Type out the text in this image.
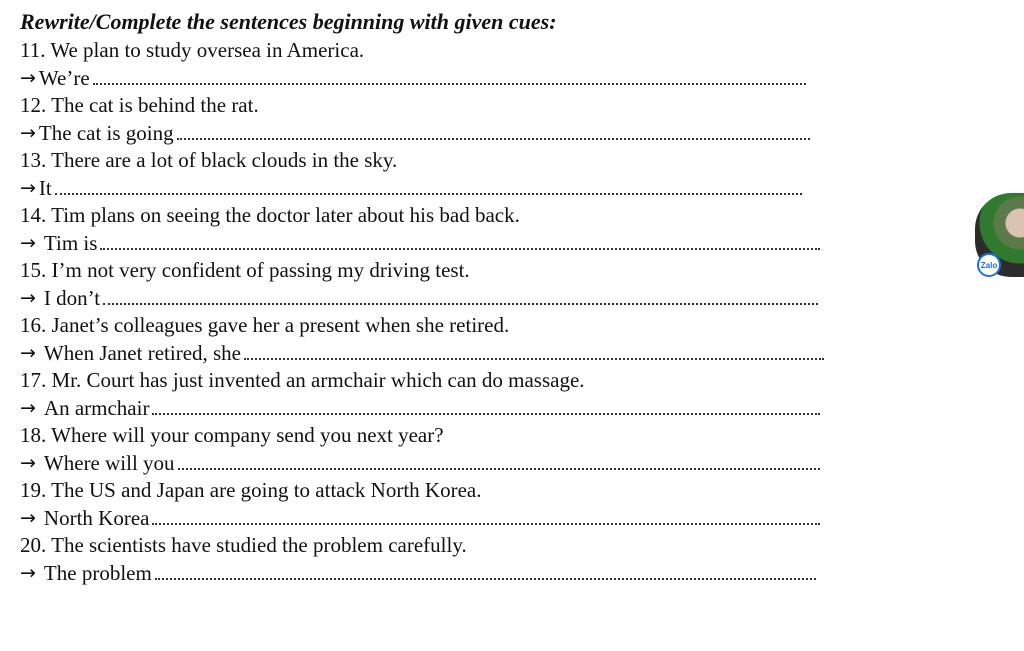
Rewrite/Complete the sentences beginning with given cues:
11. We plan to study oversea in America.
→ We’re
12. The cat is behind the rat.
→ The cat is going
13. There are a lot of black clouds in the sky.
→ It
14. Tim plans on seeing the doctor later about his bad back.
→ Tim is
15. I’m not very confident of passing my driving test.
→ I don’t
16. Janet’s colleagues gave her a present when she retired.
→ When Janet retired, she
17. Mr. Court has just invented an armchair which can do massage.
→ An armchair
18. Where will your company send you next year?
→ Where will you
19. The US and Japan are going to attack North Korea.
→ North Korea
20. The scientists have studied the problem carefully.
→ The problem
Zalo
